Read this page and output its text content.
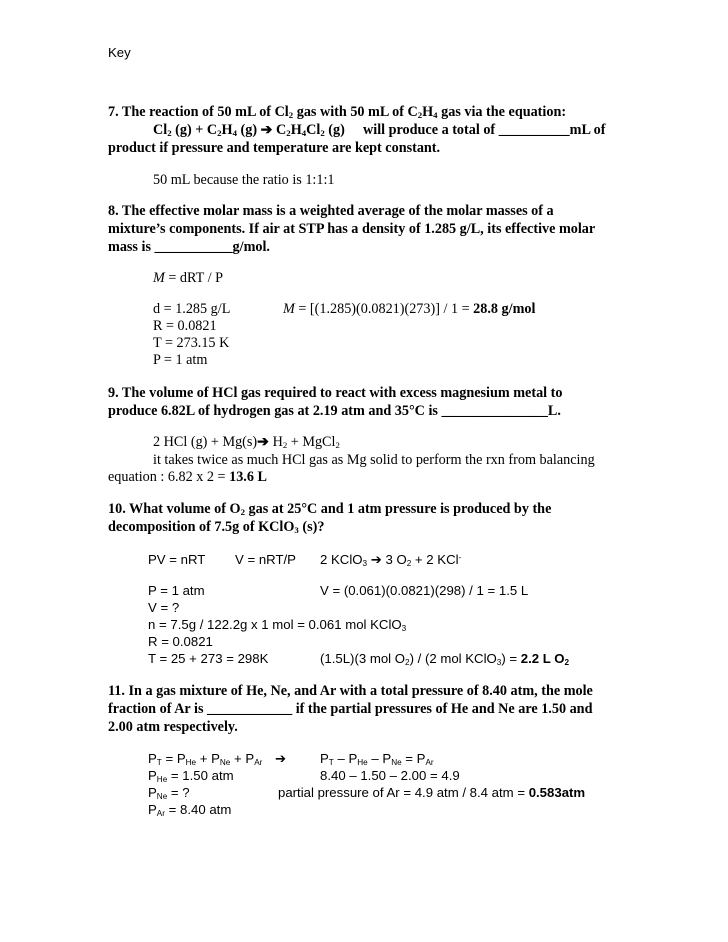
Key
7. The reaction of 50 mL of $Cl_2$ gas with 50 mL of $C_2H_4$ gas via the equation:
$Cl_2$ $(g) + C_2H_4$ (g) ➔ $C_2H_4Cl_2$ (g) will produce a total of __________mL of
product if pressure and temperature are kept constant.
50 mL because the ratio is 1:1:1
8. The effective molar mass is a weighted average of the molar masses of a
mixture’s components. If air at STP has a density of 1.285 g/L, its effective molar
mass is ___________g/mol.
M = dRT / P
d = 1.285 g/L	M = [(1.285)(0.0821)(273)] / 1 = 28.8 g/mol
R = 0.0821
T = 273.15 K
P = 1 atm
9. The volume of HCl gas required to react with excess magnesium metal to
produce 6.82L of hydrogen gas at 2.19 atm and 35°C is _______________L.
2 HCl (g) + Mg(s)➔ $H_2$ + MgCl$_2$
it takes twice as much HCl gas as Mg solid to perform the rxn from balancing
equation : 6.82 x 2 = 13.6 L
10. What volume of $O_2$ gas at 25°C and 1 atm pressure is produced by the
decomposition of 7.5g of KClO$_3$ (s)?
PV = nRT V = nRT/P 2 KClO$_3$ ➔ 3 $O_2 + 2$ KCl-
P = 1 atm	V = (0.061)(0.0821)(298) / 1 = 1.5 L
V = ?
n = 7.5g / 122.2g x 1 mol = 0.061 mol KClO$_3$
R = 0.0821
T = 25 + 273 = 298K	(1.5L)(3 mol $O_2) / (2$ mol KClO$_3$) = 2.2 L $O_2$
11. In a gas mixture of He, Ne, and Ar with a total pressure of 8.40 atm, the mole
fraction of Ar is ____________ if the partial pressures of He and Ne are 1.50 and
2.00 atm respectively.
$P_T = P_{He} + P_{Ne} + P_{Ar}$ ➔	$P_T - P_{He} - P_{Ne} = P_{Ar}$
$P_{He} = 1.50$ atm	8.40 – 1.50 – 2.00 = 4.9
$P_{Ne}$ = ?	partial pressure of Ar = 4.9 atm / 8.4 atm = 0.583atm
$P_{Ar} = 8.40$ atm
